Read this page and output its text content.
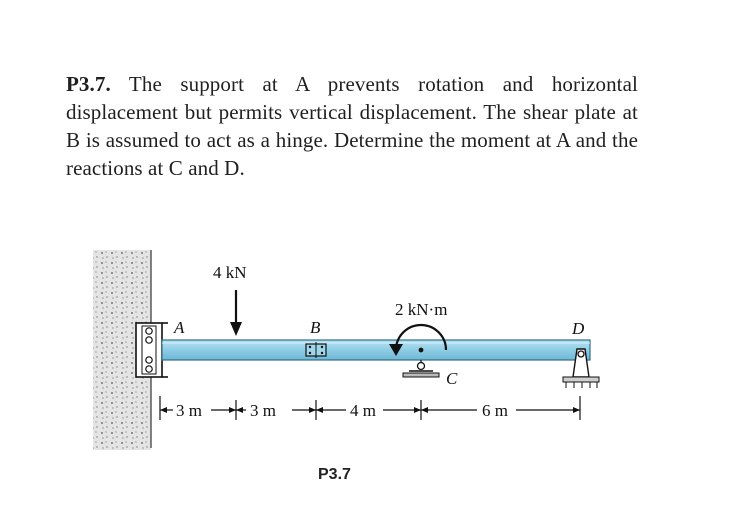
P3.7. The support at A prevents rotation and horizontal displacement but permits vertical displacement. The shear plate at B is assumed to act as a hinge. Determine the moment at A and the reactions at C and D.
4 kN
2 kN·m
C
A	B	D
3 m	3 m	4 m	6 m
P3.7
